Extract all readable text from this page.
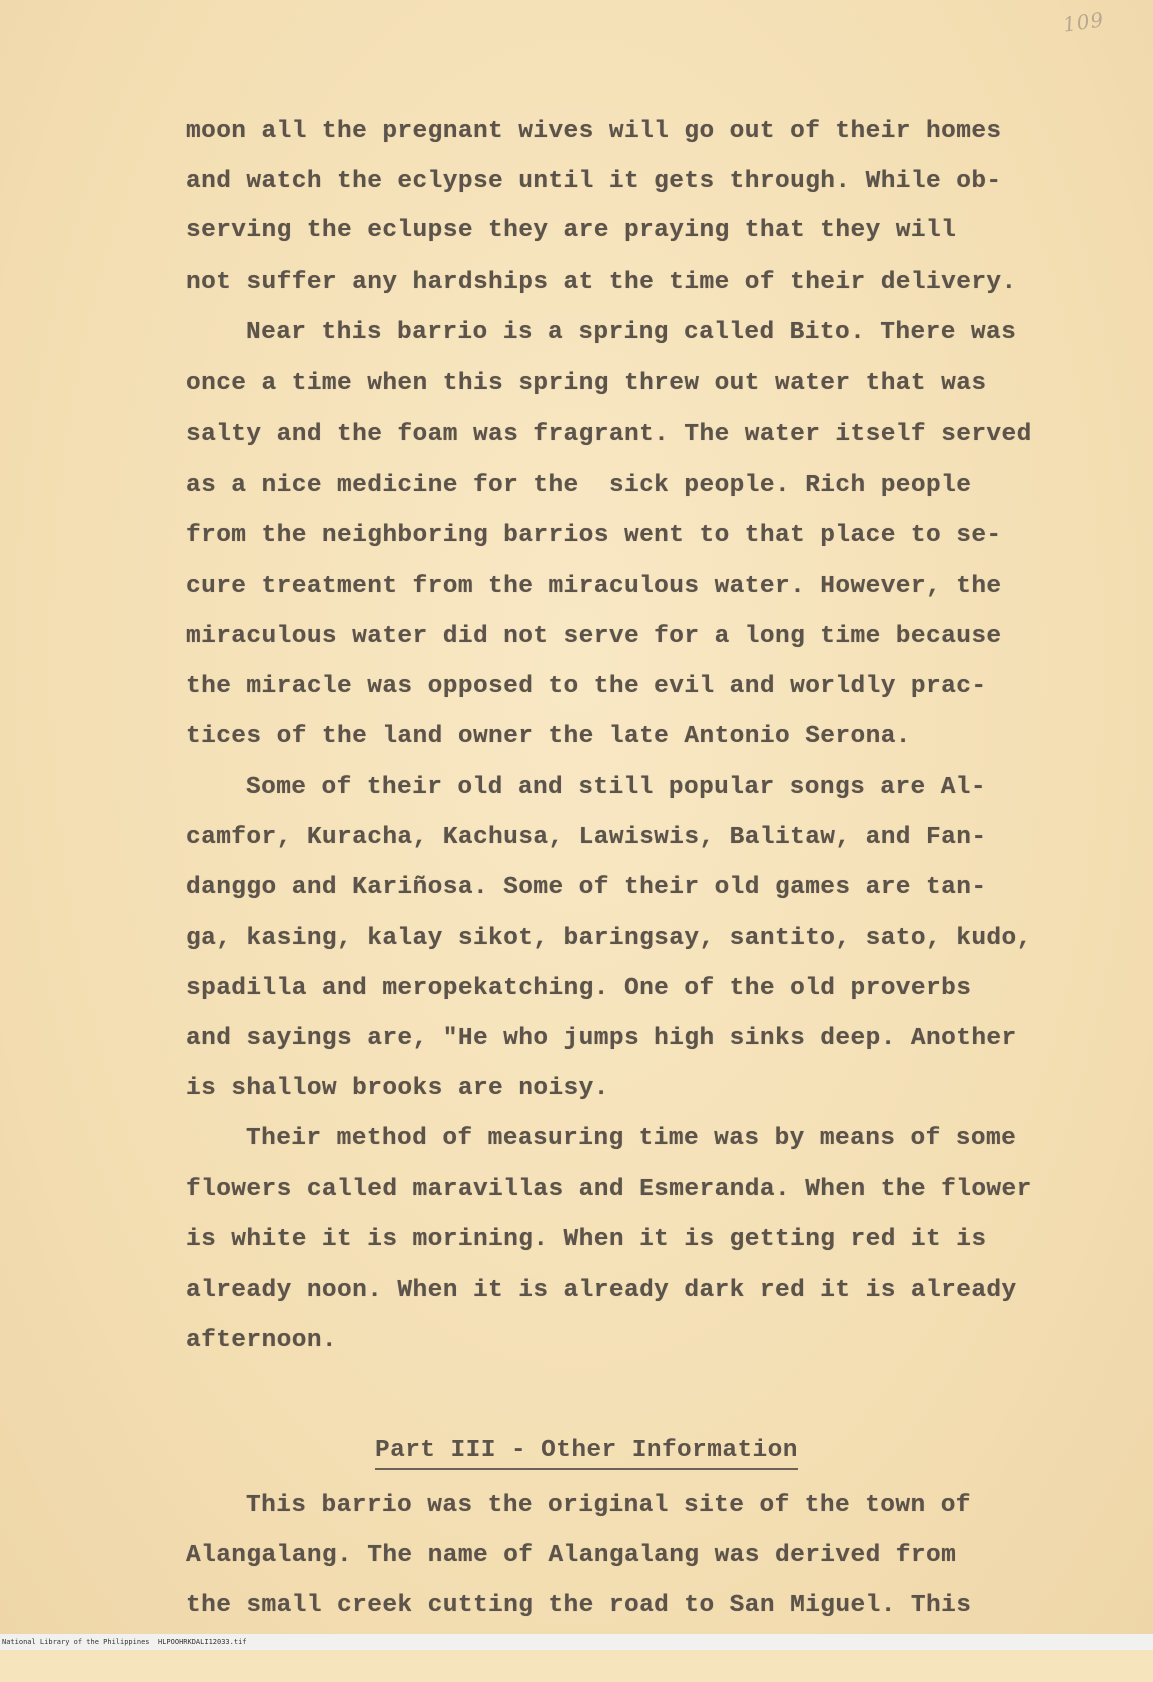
109
moon all the pregnant wives will go out of their homes
and watch the eclypse until it gets through. While ob-
serving the eclupse they are praying that they will
not suffer any hardships at the time of their delivery.
Near this barrio is a spring called Bito. There was
once a time when this spring threw out water that was
salty and the foam was fragrant. The water itself served
as a nice medicine for the  sick people. Rich people
from the neighboring barrios went to that place to se-
cure treatment from the miraculous water. However, the
miraculous water did not serve for a long time because
the miracle was opposed to the evil and worldly prac-
tices of the land owner the late Antonio Serona.
Some of their old and still popular songs are Al-
camfor, Kuracha, Kachusa, Lawiswis, Balitaw, and Fan-
danggo and Kariñosa. Some of their old games are tan-
ga, kasing, kalay sikot, baringsay, santito, sato, kudo,
spadilla and meropekatching. One of the old proverbs
and sayings are, "He who jumps high sinks deep. Another
is shallow brooks are noisy.
Their method of measuring time was by means of some
flowers called maravillas and Esmeranda. When the flower
is white it is morining. When it is getting red it is
already noon. When it is already dark red it is already
afternoon.
Part III - Other Information
This barrio was the original site of the town of
Alangalang. The name of Alangalang was derived from
the small creek cutting the road to San Miguel. This

National Library of the Philippines

HLPOOHRKDALI12033.tif
